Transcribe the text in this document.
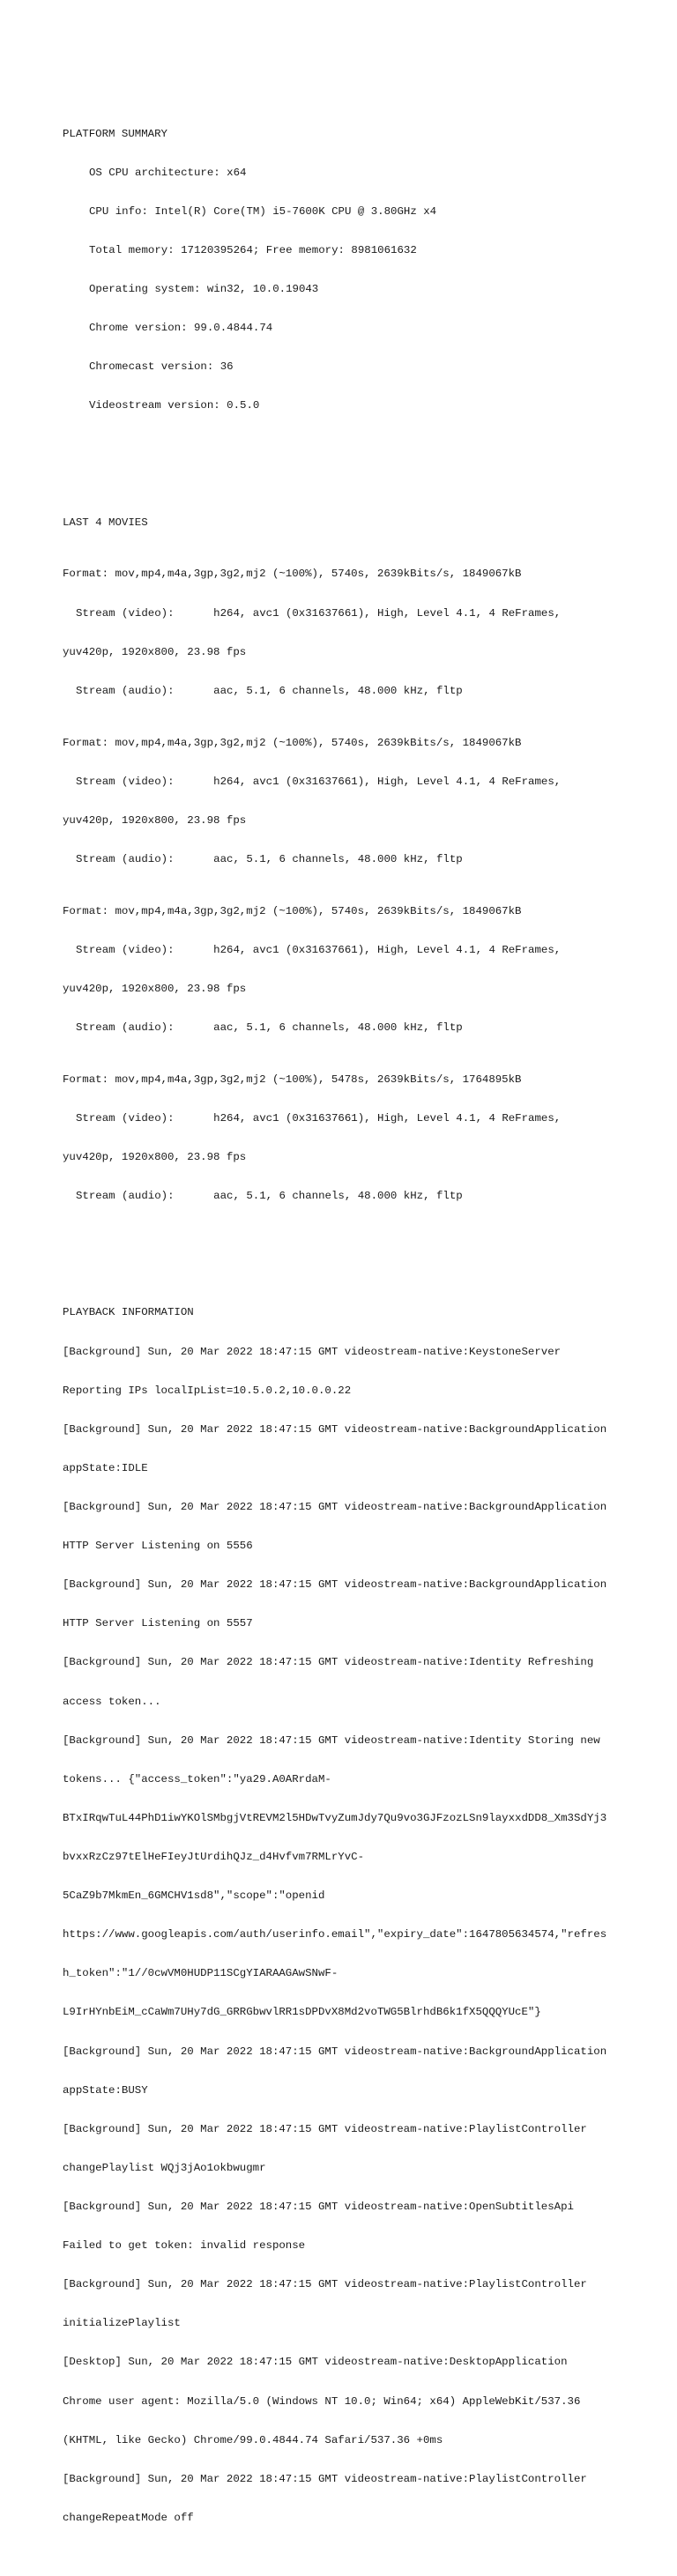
PLATFORM SUMMARY

OS CPU architecture: x64

CPU info: Intel(R) Core(TM) i5-7600K CPU @ 3.80GHz x4

Total memory: 17120395264; Free memory: 8981061632

Operating system: win32, 10.0.19043

Chrome version: 99.0.4844.74

Chromecast version: 36

Videostream version: 0.5.0

LAST 4 MOVIES

Format: mov,mp4,m4a,3gp,3g2,mj2 (~100%), 5740s, 2639kBits/s, 1849067kB

Stream (video):      h264, avc1 (0x31637661), High, Level 4.1, 4 ReFrames,

yuv420p, 1920x800, 23.98 fps

Stream (audio):      aac, 5.1, 6 channels, 48.000 kHz, fltp

Format: mov,mp4,m4a,3gp,3g2,mj2 (~100%), 5740s, 2639kBits/s, 1849067kB

Stream (video):      h264, avc1 (0x31637661), High, Level 4.1, 4 ReFrames,

yuv420p, 1920x800, 23.98 fps

Stream (audio):      aac, 5.1, 6 channels, 48.000 kHz, fltp

Format: mov,mp4,m4a,3gp,3g2,mj2 (~100%), 5740s, 2639kBits/s, 1849067kB

Stream (video):      h264, avc1 (0x31637661), High, Level 4.1, 4 ReFrames,

yuv420p, 1920x800, 23.98 fps

Stream (audio):      aac, 5.1, 6 channels, 48.000 kHz, fltp

Format: mov,mp4,m4a,3gp,3g2,mj2 (~100%), 5478s, 2639kBits/s, 1764895kB

Stream (video):      h264, avc1 (0x31637661), High, Level 4.1, 4 ReFrames,

yuv420p, 1920x800, 23.98 fps

Stream (audio):      aac, 5.1, 6 channels, 48.000 kHz, fltp

PLAYBACK INFORMATION

[Background] Sun, 20 Mar 2022 18:47:15 GMT videostream-native:KeystoneServer

Reporting IPs localIpList=10.5.0.2,10.0.0.22

[Background] Sun, 20 Mar 2022 18:47:15 GMT videostream-native:BackgroundApplication

appState:IDLE

[Background] Sun, 20 Mar 2022 18:47:15 GMT videostream-native:BackgroundApplication

HTTP Server Listening on 5556

[Background] Sun, 20 Mar 2022 18:47:15 GMT videostream-native:BackgroundApplication

HTTP Server Listening on 5557

[Background] Sun, 20 Mar 2022 18:47:15 GMT videostream-native:Identity Refreshing

access token...

[Background] Sun, 20 Mar 2022 18:47:15 GMT videostream-native:Identity Storing new

tokens... {"access_token":"ya29.A0ARrdaM-

BTxIRqwTuL44PhD1iwYKOlSMbgjVtREVM2l5HDwTvyZumJdy7Qu9vo3GJFzozLSn9layxxdDD8_Xm3SdYj3

bvxxRzCz97tElHeFIeyJtUrdihQJz_d4Hvfvm7RMLrYvC-

5CaZ9b7MkmEn_6GMCHV1sd8","scope":"openid

https://www.googleapis.com/auth/userinfo.email","expiry_date":1647805634574,"refres

h_token":"1//0cwVM0HUDP11SCgYIARAAGAwSNwF-

L9IrHYnbEiM_cCaWm7UHy7dG_GRRGbwvlRR1sDPDvX8Md2voTWG5BlrhdB6k1fX5QQQYUcE"}

[Background] Sun, 20 Mar 2022 18:47:15 GMT videostream-native:BackgroundApplication

appState:BUSY

[Background] Sun, 20 Mar 2022 18:47:15 GMT videostream-native:PlaylistController

changePlaylist WQj3jAo1okbwugmr

[Background] Sun, 20 Mar 2022 18:47:15 GMT videostream-native:OpenSubtitlesApi

Failed to get token: invalid response

[Background] Sun, 20 Mar 2022 18:47:15 GMT videostream-native:PlaylistController

initializePlaylist

[Desktop] Sun, 20 Mar 2022 18:47:15 GMT videostream-native:DesktopApplication

Chrome user agent: Mozilla/5.0 (Windows NT 10.0; Win64; x64) AppleWebKit/537.36

(KHTML, like Gecko) Chrome/99.0.4844.74 Safari/537.36 +0ms

[Background] Sun, 20 Mar 2022 18:47:15 GMT videostream-native:PlaylistController

changeRepeatMode off
